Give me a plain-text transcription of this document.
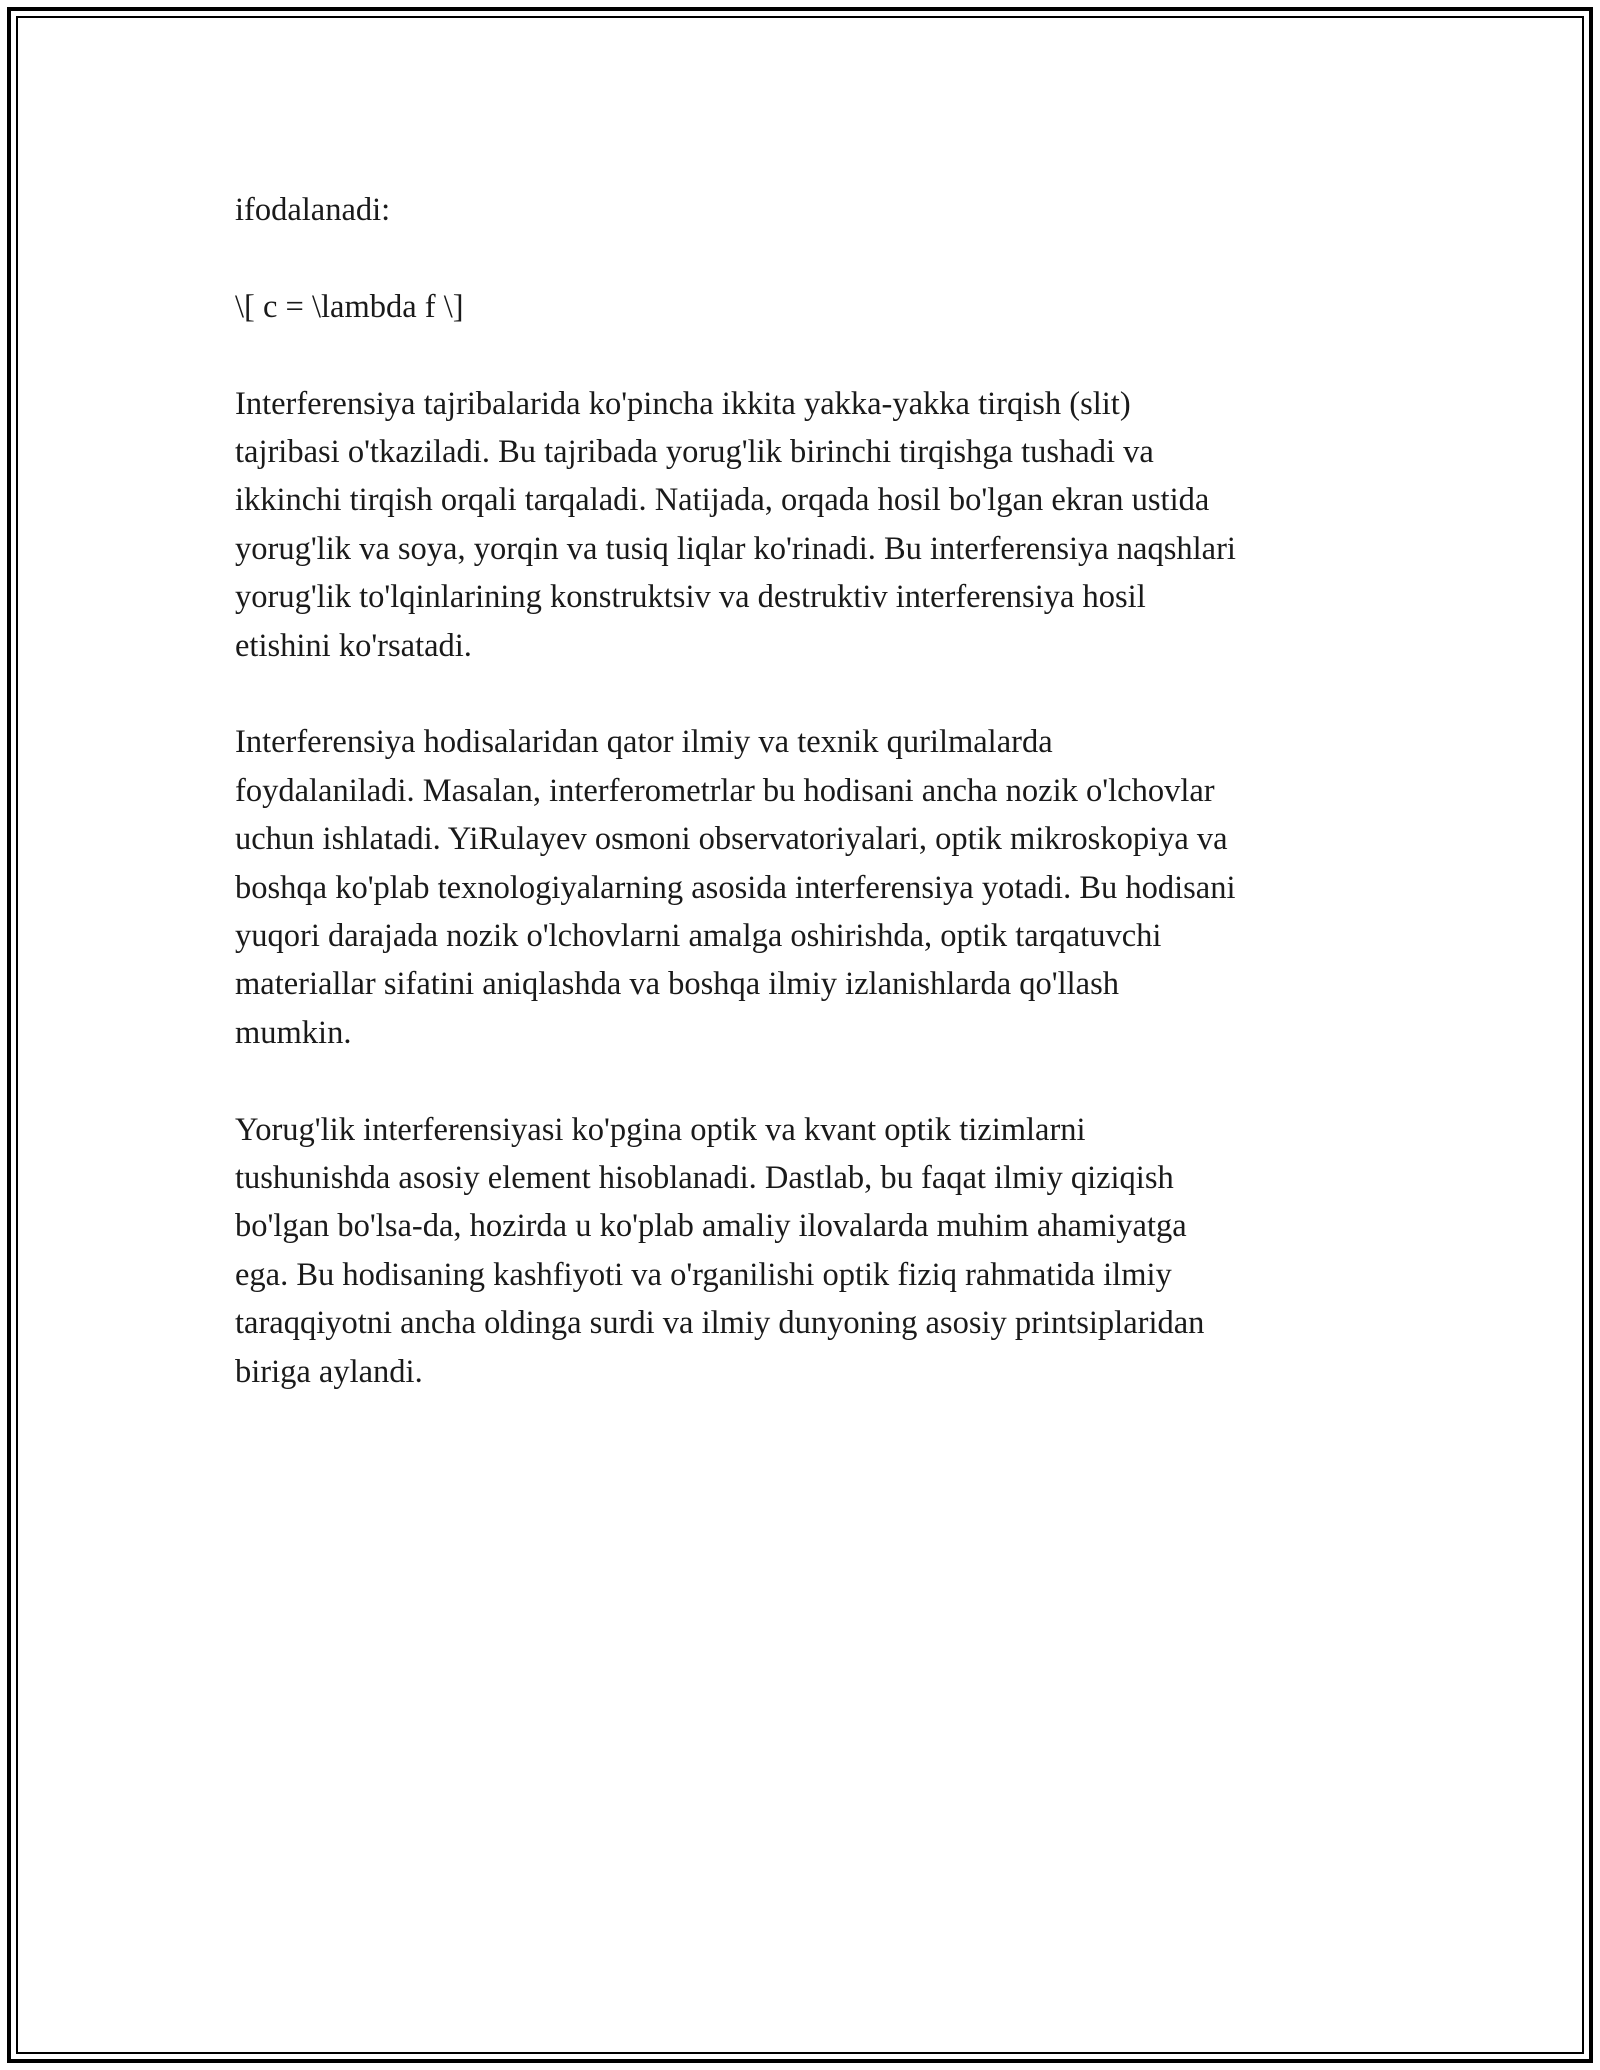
ifodalanadi:

\[ c = \lambda f \]

Interferensiya tajribalarida ko'pincha ikkita yakka-yakka tirqish (slit)
tajribasi o'tkaziladi. Bu tajribada yorug'lik birinchi tirqishga tushadi va
ikkinchi tirqish orqali tarqaladi. Natijada, orqada hosil bo'lgan ekran ustida
yorug'lik va soya, yorqin va tusiq liqlar ko'rinadi. Bu interferensiya naqshlari
yorug'lik to'lqinlarining konstruktsiv va destruktiv interferensiya hosil
etishini ko'rsatadi.

Interferensiya hodisalaridan qator ilmiy va texnik qurilmalarda
foydalaniladi. Masalan, interferometrlar bu hodisani ancha nozik o'lchovlar
uchun ishlatadi. YiRulayev osmoni observatoriyalari, optik mikroskopiya va
boshqa ko'plab texnologiyalarning asosida interferensiya yotadi. Bu hodisani
yuqori darajada nozik o'lchovlarni amalga oshirishda, optik tarqatuvchi
materiallar sifatini aniqlashda va boshqa ilmiy izlanishlarda qo'llash
mumkin.

Yorug'lik interferensiyasi ko'pgina optik va kvant optik tizimlarni
tushunishda asosiy element hisoblanadi. Dastlab, bu faqat ilmiy qiziqish
bo'lgan bo'lsa-da, hozirda u ko'plab amaliy ilovalarda muhim ahamiyatga
ega. Bu hodisaning kashfiyoti va o'rganilishi optik fiziq rahmatida ilmiy
taraqqiyotni ancha oldinga surdi va ilmiy dunyoning asosiy printsiplaridan
biriga aylandi.
